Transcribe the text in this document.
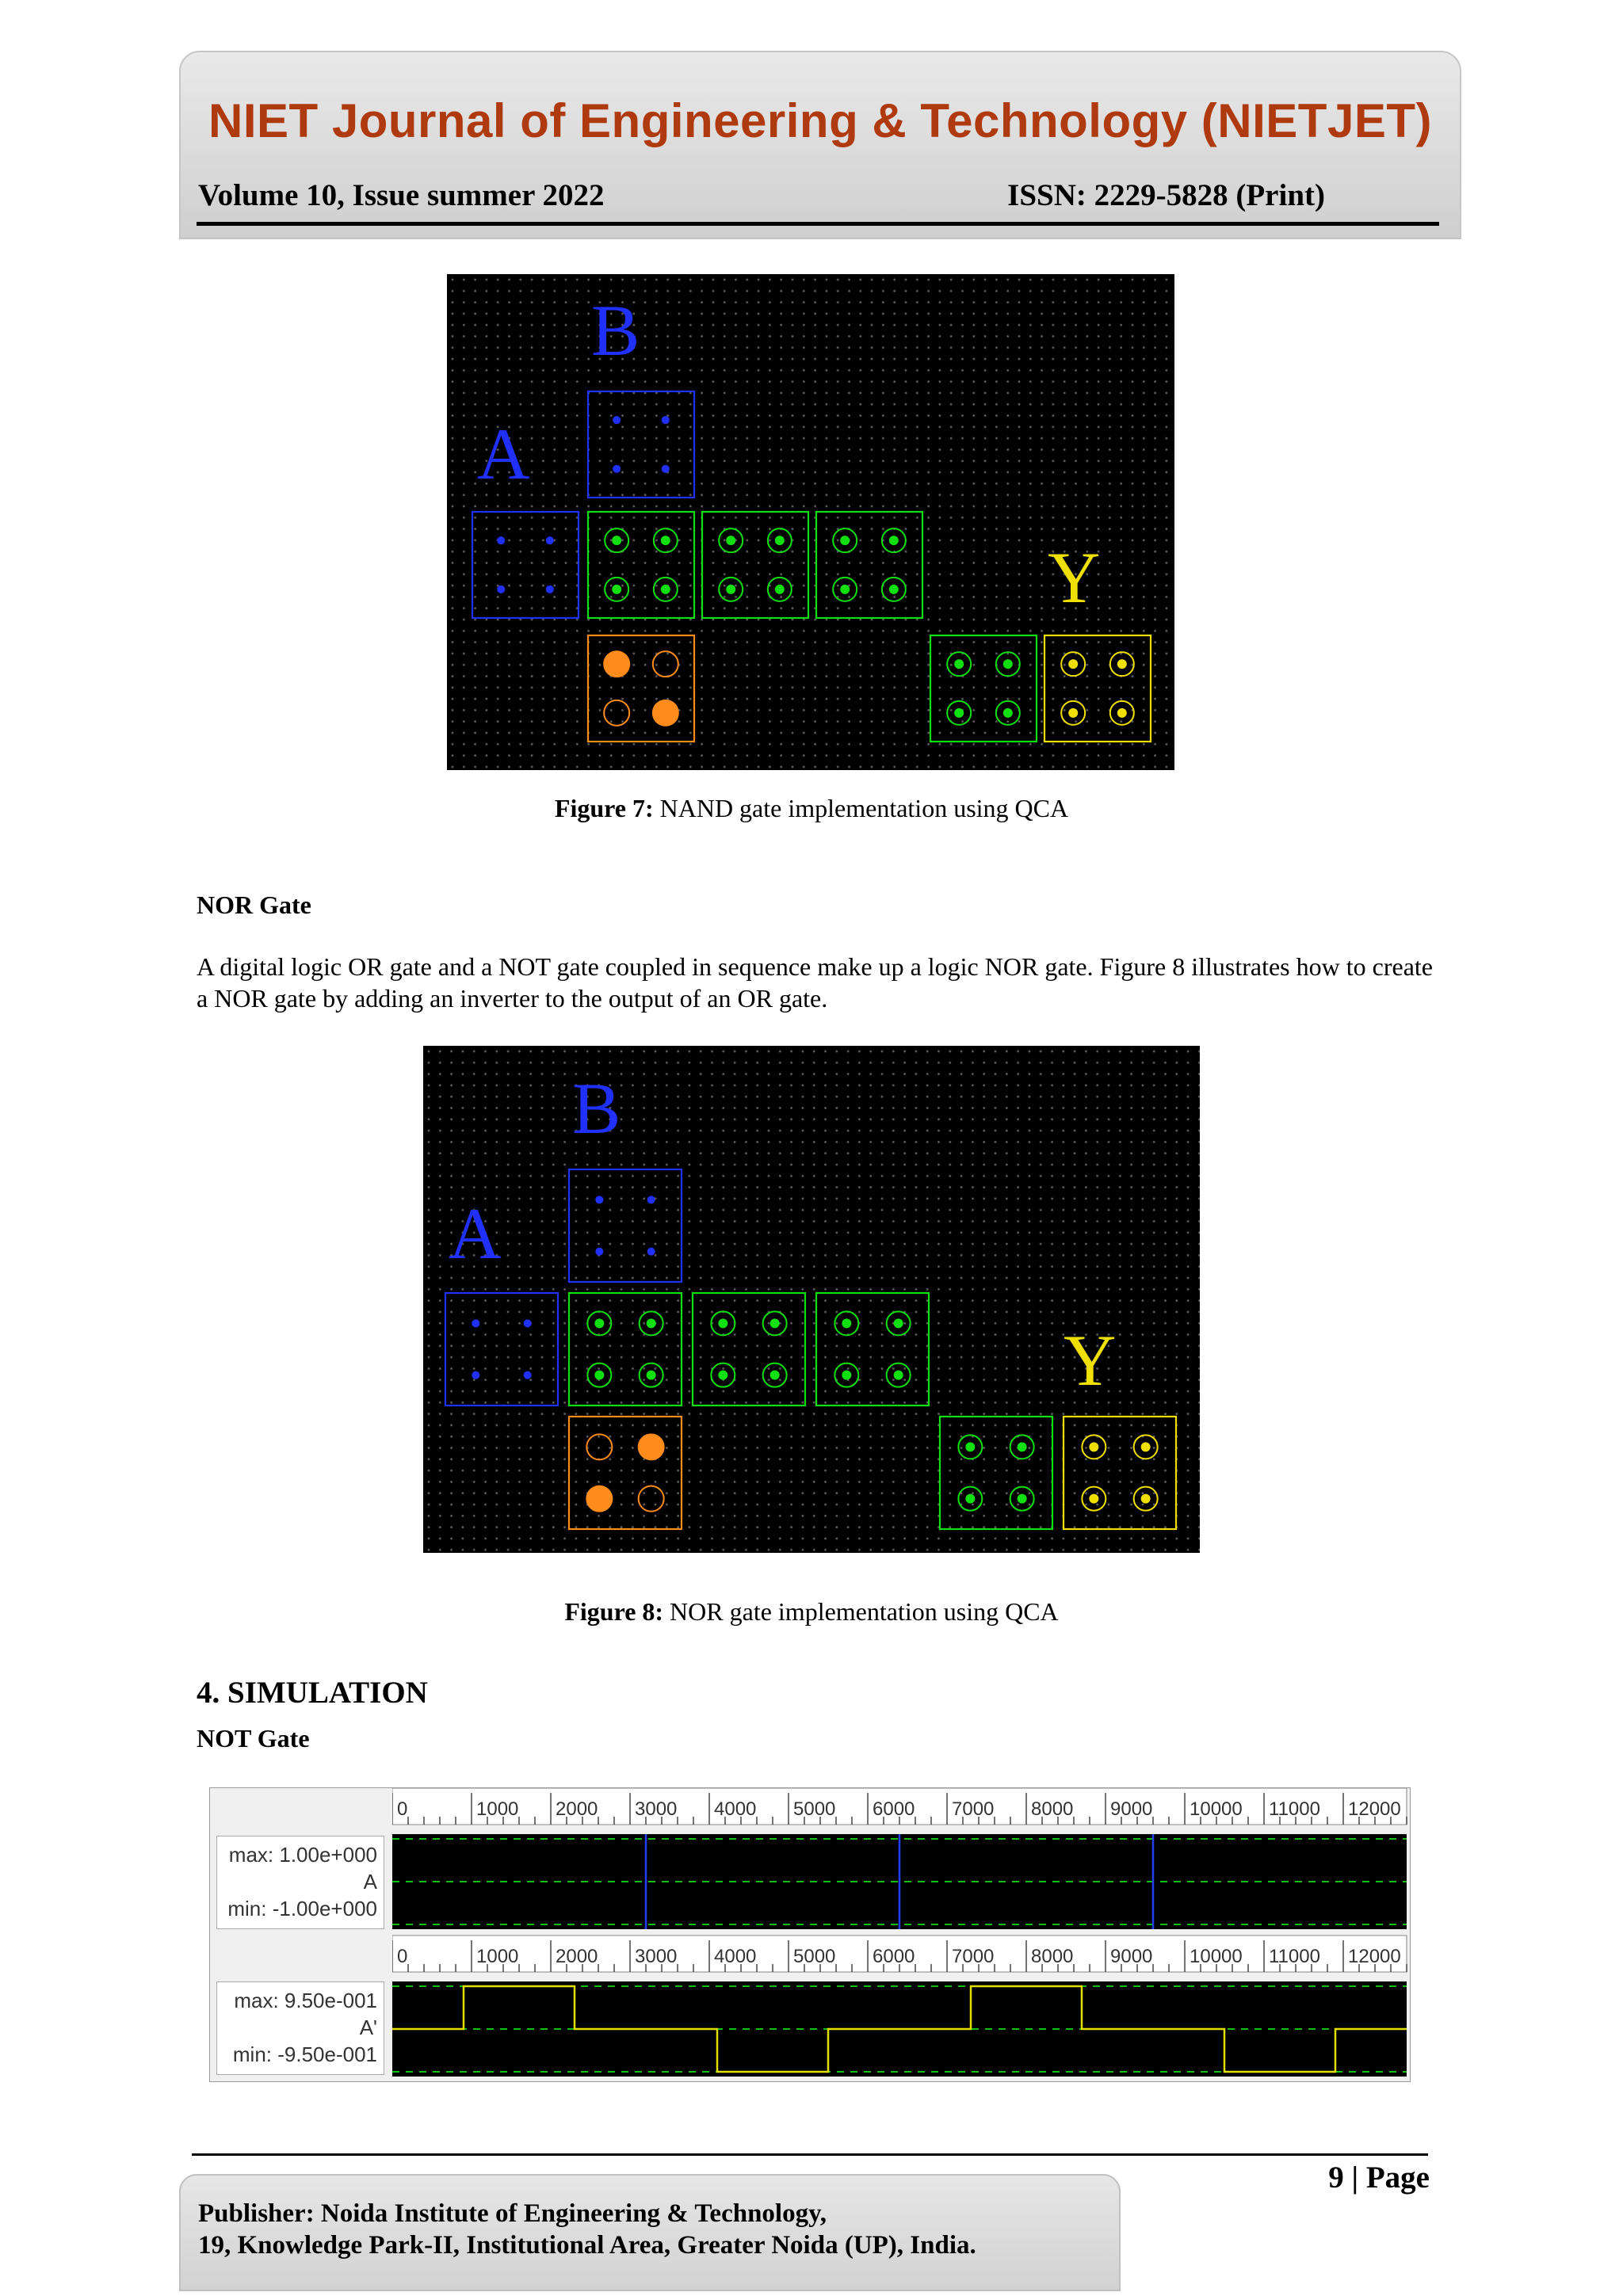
NIET Journal of Engineering & Technology (NIETJET)
Volume 10, Issue summer 2022	ISSN: 2229-5828 (Print)
B
A
Y
Figure 7: NAND gate implementation using QCA
NOR Gate
A digital logic OR gate and a NOT gate coupled in sequence make up a logic NOR gate. Figure 8 illustrates how to create a NOR gate by adding an inverter to the output of an OR gate.
B
A
Y
Figure 8: NOR gate implementation using QCA
4. SIMULATION
NOT Gate
max: 1.00e+000
A
min: -1.00e+000
max: 9.50e-001
A'
min: -9.50e-001
0	1000 2000 3000 4000 5000 6000 7000 8000 9000 10000 11000 12000
0	1000 2000 3000 4000 5000 6000 7000 8000 9000 10000 11000 12000
9 | Page
Publisher: Noida Institute of Engineering & Technology,
19, Knowledge Park-II, Institutional Area, Greater Noida (UP), India.
